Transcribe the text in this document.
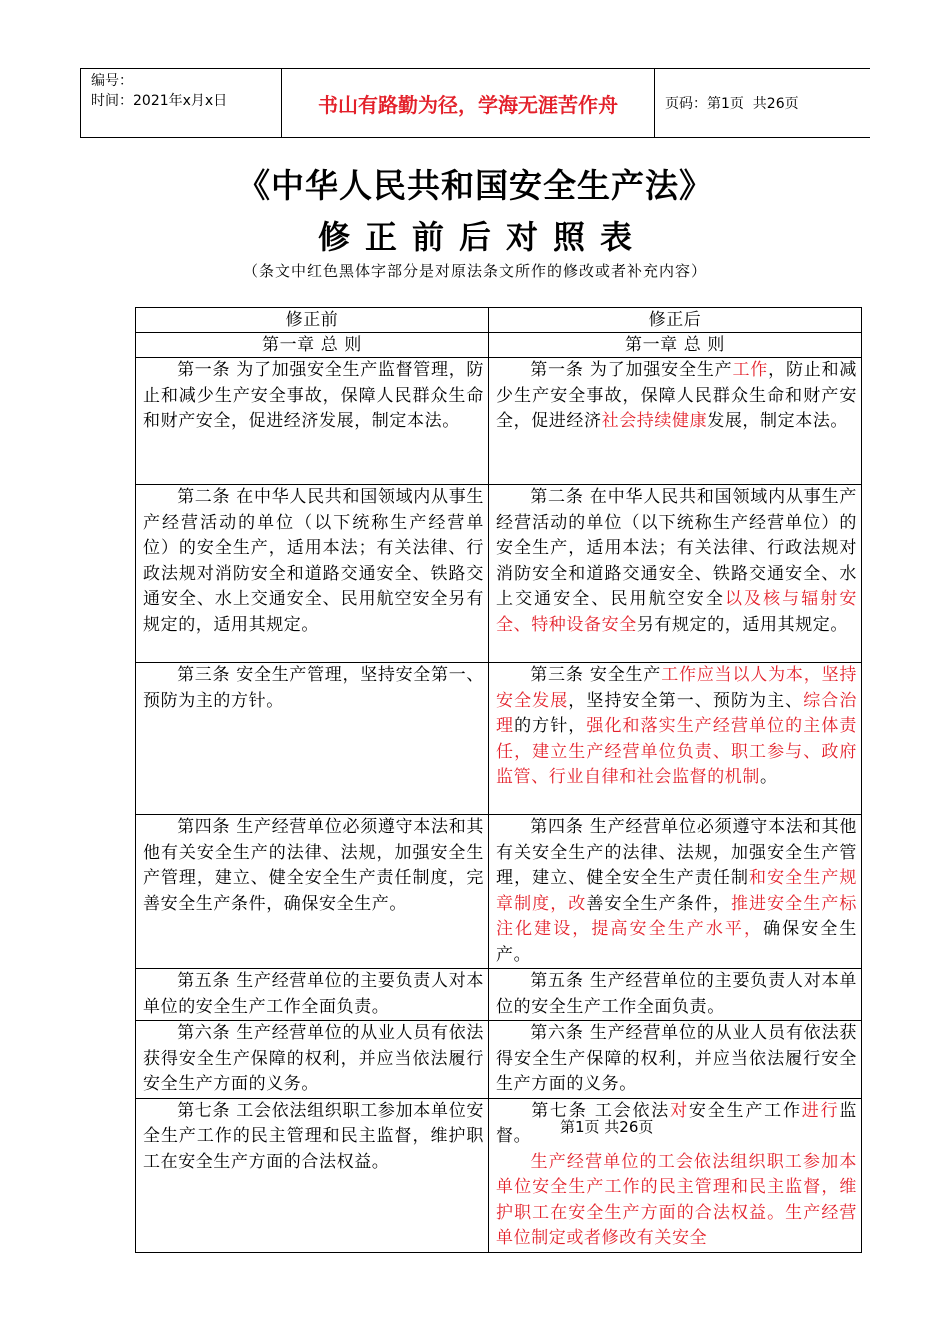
编号：
时间：2021年x月x日	书山有路勤为径，学海无涯苦作舟	页码：第1页  共26页
《中华人民共和国安全生产法》
修正前后对照表
（条文中红色黑体字部分是对原法条文所作的修改或者补充内容）
修正前	修正后
第一章 总 则	第一章 总 则
第一条 为了加强安全生产监督管理，防止和减少生产安全事故，保障人民群众生命和财产安全，促进经济发展，制定本法。	第一条 为了加强安全生产工作，防止和减少生产安全事故，保障人民群众生命和财产安全，促进经济社会持续健康发展，制定本法。
第二条 在中华人民共和国领域内从事生产经营活动的单位（以下统称生产经营单位）的安全生产，适用本法；有关法律、行政法规对消防安全和道路交通安全、铁路交通安全、水上交通安全、民用航空安全另有规定的，适用其规定。	第二条 在中华人民共和国领域内从事生产经营活动的单位（以下统称生产经营单位）的安全生产，适用本法；有关法律、行政法规对消防安全和道路交通安全、铁路交通安全、水上交通安全、民用航空安全以及核与辐射安全、特种设备安全另有规定的，适用其规定。
第三条 安全生产管理，坚持安全第一、预防为主的方针。	第三条 安全生产工作应当以人为本，坚持安全发展，坚持安全第一、预防为主、综合治理的方针，强化和落实生产经营单位的主体责任，建立生产经营单位负责、职工参与、政府监管、行业自律和社会监督的机制。
第四条 生产经营单位必须遵守本法和其他有关安全生产的法律、法规，加强安全生产管理，建立、健全安全生产责任制度，完善安全生产条件，确保安全生产。	第四条 生产经营单位必须遵守本法和其他有关安全生产的法律、法规，加强安全生产管理，建立、健全安全生产责任制和安全生产规章制度，改善安全生产条件，推进安全生产标注化建设，提高安全生产水平，确保安全生产。
第五条 生产经营单位的主要负责人对本单位的安全生产工作全面负责。	第五条 生产经营单位的主要负责人对本单位的安全生产工作全面负责。
第六条 生产经营单位的从业人员有依法获得安全生产保障的权利，并应当依法履行安全生产方面的义务。	第六条 生产经营单位的从业人员有依法获得安全生产保障的权利，并应当依法履行安全生产方面的义务。
第七条 工会依法组织职工参加本单位安全生产工作的民主管理和民主监督，维护职工在安全生产方面的合法权益。	第七条 工会依法对安全生产工作进行监督。
生产经营单位的工会依法组织职工参加本单位安全生产工作的民主管理和民主监督，维护职工在安全生产方面的合法权益。生产经营单位制定或者修改有关安全
第1页 共26页
